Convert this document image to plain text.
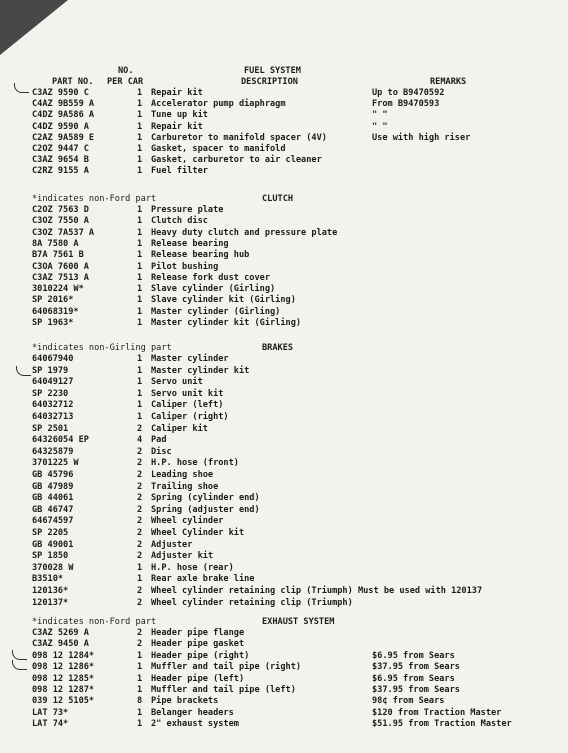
NO.	FUEL SYSTEM
PART NO. PER CAR	DESCRIPTION	REMARKS
C3AZ 9590 C	1 Repair kit	Up to B9470592
C4AZ 9B559 A	1 Accelerator pump diaphragm	From B9470593
C4DZ 9A586 A	1 Tune up kit	" "
C4DZ 9590 A	1 Repair kit	" "
C2AZ 9A589 E	1 Carburetor to manifold spacer (4V)	Use with high riser
C2OZ 9447 C	1 Gasket, spacer to manifold
C3AZ 9654 B	1 Gasket, carburetor to air cleaner
C2RZ 9155 A	1 Fuel filter
*indicates non-Ford part	CLUTCH
C2OZ 7563 D	1 Pressure plate
C3OZ 7550 A	1 Clutch disc
C3OZ 7A537 A	1 Heavy duty clutch and pressure plate
8A 7580 A	1 Release bearing
B7A 7561 B	1 Release bearing hub
C3OA 7600 A	1 Pilot bushing
C3AZ 7513 A	1 Release fork dust cover
3010224 W*	1 Slave cylinder (Girling)
SP 2016*	1 Slave cylinder kit (Girling)
64068319*	1 Master cylinder (Girling)
SP 1963*	1 Master cylinder kit (Girling)
*indicates non-Girling part	BRAKES
64067940	1 Master cylinder
SP 1979	1 Master cylinder kit
64049127	1 Servo unit
SP 2230	1 Servo unit kit
64032712	1 Caliper (left)
64032713	1 Caliper (right)
SP 2501	2 Caliper kit
64326054 EP	4 Pad
64325879	2 Disc
3701225 W	2 H.P. hose (front)
GB 45796	2 Leading shoe
GB 47989	2 Trailing shoe
GB 44061	2 Spring (cylinder end)
GB 46747	2 Spring (adjuster end)
64674597	2 Wheel cylinder
SP 2205	2 Wheel Cylinder kit
GB 49001	2 Adjuster
SP 1850	2 Adjuster kit
370028 W	1 H.P. hose (rear)
B3510*	1 Rear axle brake line
120136*	2 Wheel cylinder retaining clip (Triumph) Must be used with 120137
120137*	2 Wheel cylinder retaining clip (Triumph)
*indicates non-Ford part	EXHAUST SYSTEM
C3AZ 5269 A	2 Header pipe flange
C3AZ 9450 A	2 Header pipe gasket
098 12 1284*	1 Header pipe (right)	$6.95 from Sears
098 12 1286*	1 Muffler and tail pipe (right)	$37.95 from Sears
098 12 1285*	1 Header pipe (left)	$6.95 from Sears
098 12 1287*	1 Muffler and tail pipe (left)	$37.95 from Sears
039 12 5105*	8 Pipe brackets	98¢ from Sears
LAT 73*	1 Belanger headers	$120 from Traction Master
LAT 74*	1 2" exhaust system	$51.95 from Traction Master
